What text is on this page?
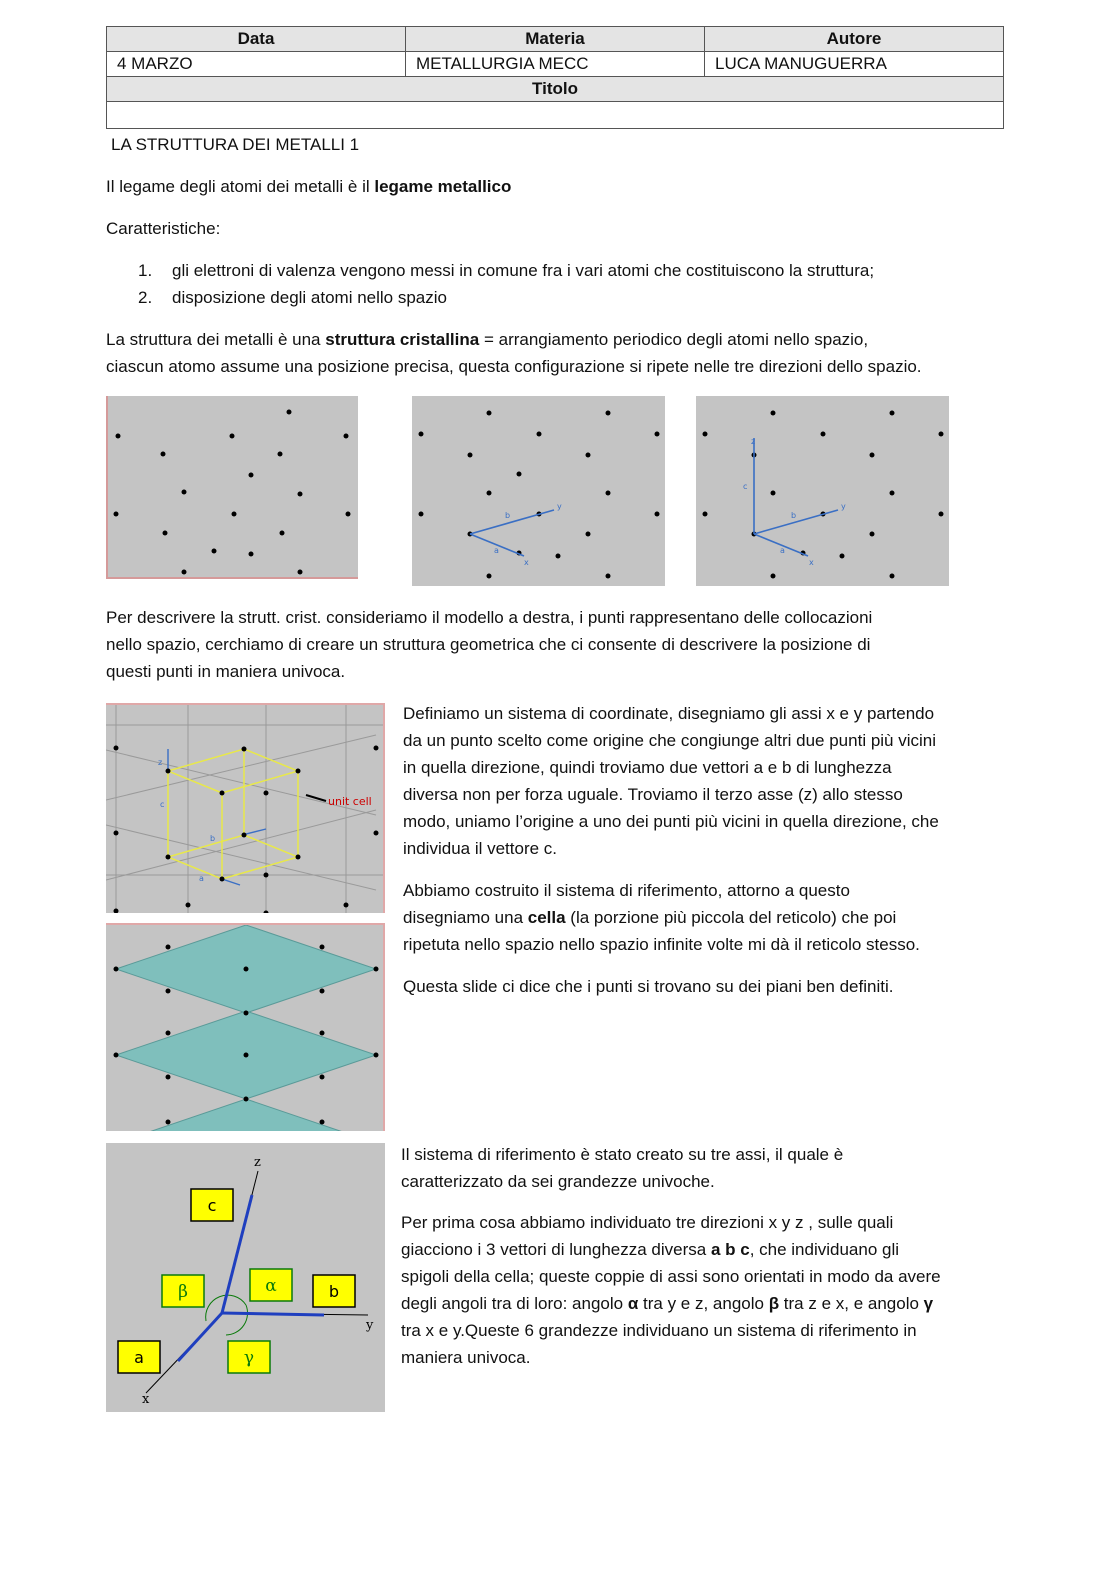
Data	Materia	Autore
4 MARZO	METALLURGIA MECC	LUCA MANUGUERRA
Titolo		

LA STRUTTURA DEI METALLI 1
Il legame degli atomi dei metalli è il legame metallico
Caratteristiche:
1. gli elettroni di valenza vengono messi in comune fra i vari atomi che costituiscono la struttura;
2. disposizione degli atomi nello spazio
La struttura dei metalli è una struttura cristallina = arrangiamento periodico degli atomi nello spazio,
ciascun atomo assume una posizione precisa, questa configurazione si ripete nelle tre direzioni dello spazio.
b
y
a
x
b
y
a
x
c
z
Per descrivere la strutt. crist. consideriamo il modello a destra, i punti rappresentano delle collocazioni
nello spazio, cerchiamo di creare un struttura geometrica che ci consente di descrivere la posizione di
questi punti in maniera univoca.
unit cell
z
c
b
a
Definiamo un sistema di coordinate, disegniamo gli assi x e y partendo
da un punto scelto come origine che congiunge altri due punti più vicini
in quella direzione, quindi troviamo due vettori a e b di lunghezza
diversa non per forza uguale. Troviamo il terzo asse (z) allo stesso
modo, uniamo l’origine a uno dei punti più vicini in quella direzione, che
individua il vettore c.
Abbiamo costruito il sistema di riferimento, attorno a questo
disegniamo una cella (la porzione più piccola del reticolo) che poi
ripetuta nello spazio nello spazio infinite volte mi dà il reticolo stesso.
Questa slide ci dice che i punti si trovano su dei piani ben definiti.
z
y
x
c
b
a
β	α
γ
Il sistema di riferimento è stato creato su tre assi, il quale è
caratterizzato da sei grandezze univoche.
Per prima cosa abbiamo individuato tre direzioni x y z , sulle quali
giacciono i 3 vettori di lunghezza diversa a b c, che individuano gli
spigoli della cella; queste coppie di assi sono orientati in modo da avere
degli angoli tra di loro: angolo α tra y e z, angolo β tra z e x, e angolo γ
tra x e y.Queste 6 grandezze individuano un sistema di riferimento in
maniera univoca.
